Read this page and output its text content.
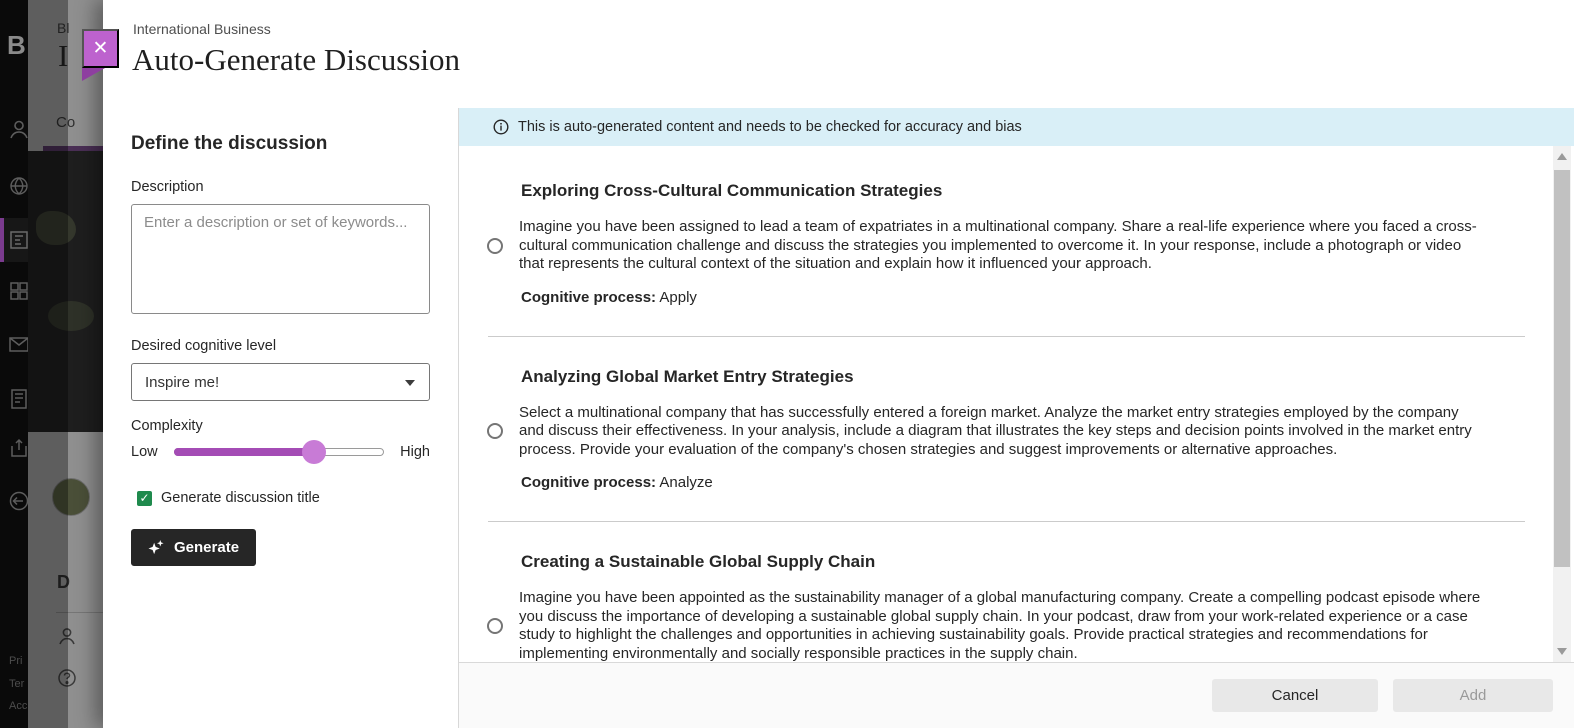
B
Pri
Ter
Acc
Bl
I
Co
D
✕
International Business
Auto-Generate Discussion
Define the discussion
Description
Enter a description or set of keywords...
Desired cognitive level
Inspire me!
Complexity
Low	High
✓ Generate discussion title
Generate
This is auto-generated content and needs to be checked for accuracy and bias
Exploring Cross-Cultural Communication Strategies
Imagine you have been assigned to lead a team of expatriates in a multinational company. Share a real-life experience where you faced a cross-cultural communication challenge and discuss the strategies you implemented to overcome it. In your response, include a photograph or video that represents the cultural context of the situation and explain how it influenced your approach.
Cognitive process: Apply
Analyzing Global Market Entry Strategies
Select a multinational company that has successfully entered a foreign market. Analyze the market entry strategies employed by the company and discuss their effectiveness. In your analysis, include a diagram that illustrates the key steps and decision points involved in the market entry process. Provide your evaluation of the company's chosen strategies and suggest improvements or alternative approaches.
Cognitive process: Analyze
Creating a Sustainable Global Supply Chain
Imagine you have been appointed as the sustainability manager of a global manufacturing company. Create a compelling podcast episode where you discuss the importance of developing a sustainable global supply chain. In your podcast, draw from your work-related experience or a case study to highlight the challenges and opportunities in achieving sustainability goals. Provide practical strategies and recommendations for implementing environmentally and socially responsible practices in the supply chain.
Cancel	Add
